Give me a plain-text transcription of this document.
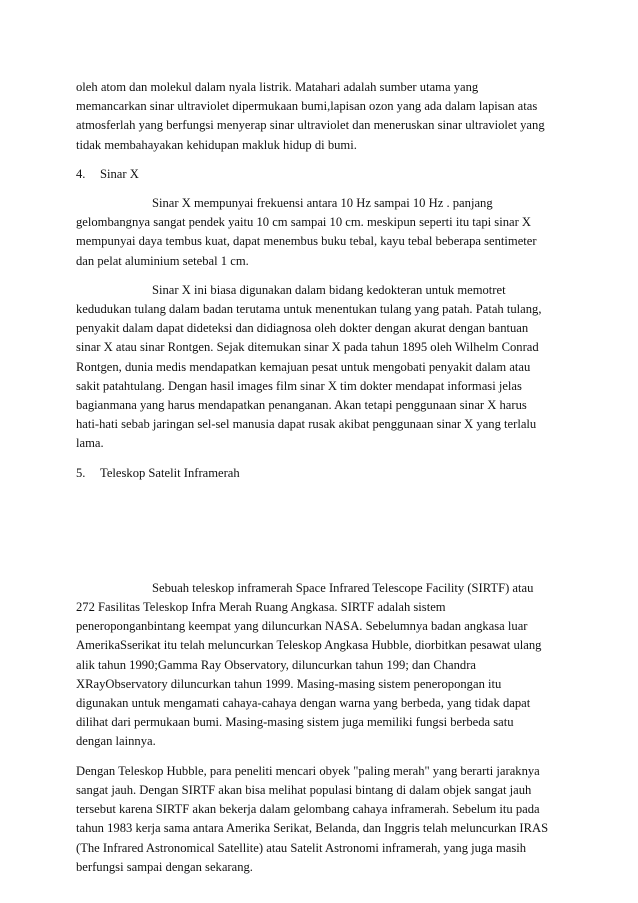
oleh atom dan molekul dalam nyala listrik. Matahari adalah sumber utama yang
memancarkan sinar ultraviolet dipermukaan bumi,lapisan ozon yang ada dalam lapisan atas
atmosferlah yang berfungsi menyerap sinar ultraviolet dan meneruskan sinar ultraviolet yang
tidak membahayakan kehidupan makluk hidup di bumi.

4. Sinar X

Sinar X mempunyai frekuensi antara 10 Hz sampai 10 Hz . panjang
gelombangnya sangat pendek yaitu 10 cm sampai 10 cm. meskipun seperti itu tapi sinar X
mempunyai daya tembus kuat, dapat menembus buku tebal, kayu tebal beberapa sentimeter
dan pelat aluminium setebal 1 cm.

Sinar X ini biasa digunakan dalam bidang kedokteran untuk memotret
kedudukan tulang dalam badan terutama untuk menentukan tulang yang patah. Patah tulang,
penyakit dalam dapat dideteksi dan didiagnosa oleh dokter dengan akurat dengan bantuan
sinar X atau sinar Rontgen. Sejak ditemukan sinar X pada tahun 1895 oleh Wilhelm Conrad
Rontgen, dunia medis mendapatkan kemajuan pesat untuk mengobati penyakit dalam atau
sakit patahtulang. Dengan hasil images film sinar X tim dokter mendapat informasi jelas
bagianmana yang harus mendapatkan penanganan. Akan tetapi penggunaan sinar X harus
hati-hati sebab jaringan sel-sel manusia dapat rusak akibat penggunaan sinar X yang terlalu
lama.

5. Teleskop Satelit Inframerah

Sebuah teleskop inframerah Space Infrared Telescope Facility (SIRTF) atau
272 Fasilitas Teleskop Infra Merah Ruang Angkasa. SIRTF adalah sistem
peneropongan​bintang keempat yang diluncurkan NASA. Sebelumnya badan angkasa luar
AmerikaSserikat itu telah meluncurkan Teleskop Angkasa Hubble, diorbitkan pesawat ulang
alik tahun 1990;Gamma Ray Observatory, diluncurkan tahun 199; dan Chandra
XRayObservatory diluncurkan tahun 1999. Masing-masing sistem peneropongan itu
digunakan untuk mengamati cahaya-cahaya dengan warna yang berbeda, yang tidak dapat
dilihat dari permukaan bumi. Masing-masing sistem juga memiliki fungsi berbeda satu
dengan lainnya.

Dengan Teleskop Hubble, para peneliti mencari obyek "paling merah" yang berarti jaraknya
sangat jauh. Dengan SIRTF akan bisa melihat populasi bintang di dalam objek sangat jauh
tersebut karena SIRTF akan bekerja dalam gelombang cahaya inframerah. Sebelum itu pada
tahun 1983 kerja sama antara Amerika Serikat, Belanda, dan Inggris telah meluncurkan IRAS
(The Infrared Astronomical Satellite) atau Satelit Astronomi inframerah, yang juga masih
berfungsi sampai dengan sekarang.
